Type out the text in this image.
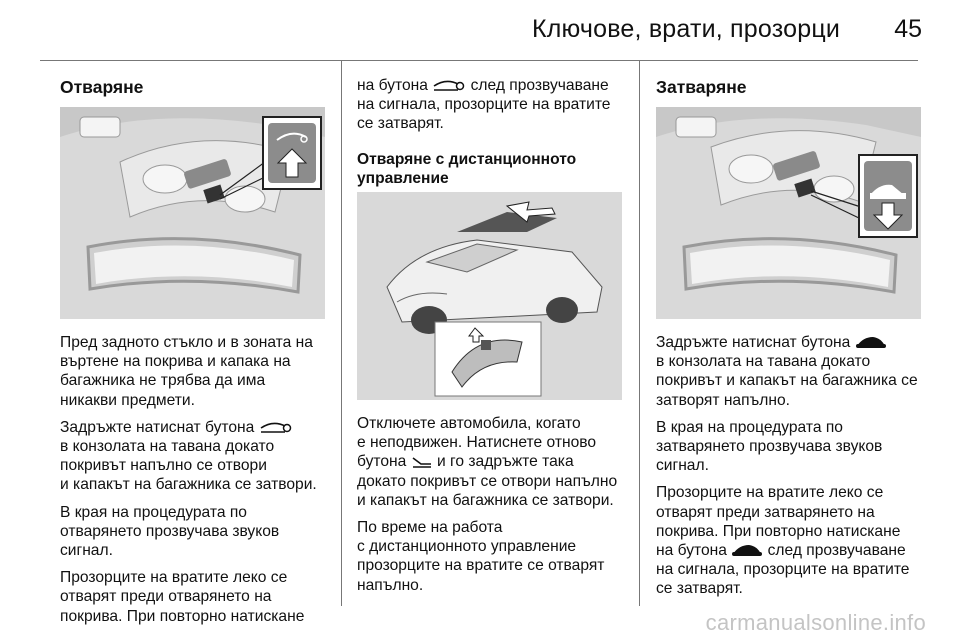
Ключове, врати, прозорци 45
Отваряне

Пред задното стъкло и в зоната на
въртене на покрива и капака на
багажника не трябва да има
никакви предмети.

Задръжте натиснат бутона
в конзолата на тавана докато
покривът напълно се отвори
и капакът на багажника се затвори.

В края на процедурата по
отварянето прозвучава звуков
сигнал.

Прозорците на вратите леко се
отварят преди отварянето на
покрива. При повторно натискане

на бутона	след прозвучаване
на сигнала, прозорците на вратите
се затварят.

Отваряне с дистанционното
управление

Отключете автомобила, когато
е неподвижен. Натиснете отново
бутона и го задръжте така
докато покривът се отвори напълно
и капакът на багажника се затвори.

По време на работа
с дистанционното управление
прозорците на вратите се отварят
напълно.

Затваряне

Задръжте натиснат бутона
в конзолата на тавана докато
покривът и капакът на багажника се
затворят напълно.

В края на процедурата по
затварянето прозвучава звуков
сигнал.

Прозорците на вратите леко се
отварят преди затварянето на
покрива. При повторно натискане
на бутона	след прозвучаване
на сигнала, прозорците на вратите
се затварят.

carmanualsonline.info
